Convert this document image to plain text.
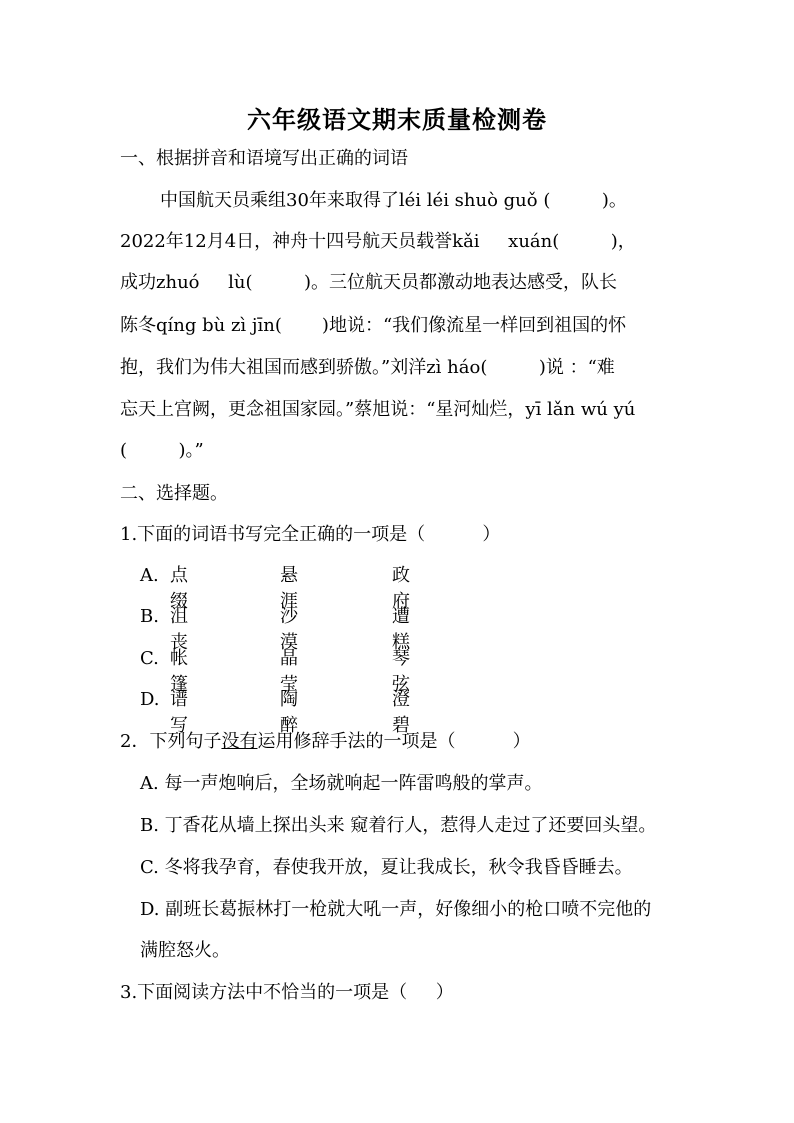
六年级语文期末质量检测卷
一、根据拼音和语境写出正确的词语
中国航天员乘组30年来取得了léi léi shuò guǒ (         )。
2022年12月4日，神舟十四号航天员载誉kǎi     xuán(         )，
成功zhuó     lù(         )。三位航天员都激动地表达感受，队长
陈冬qíng bù zì jīn(       )地说：“我们像流星一样回到祖国的怀
抱，我们为伟大祖国而感到骄傲。”刘洋zì háo(         )说 ：“难
忘天上宫阙，更念祖国家园。”蔡旭说：“星河灿烂，yī lǎn wú yú
(         )。”
二、选择题。
1.下面的词语书写完全正确的一项是（          ）
A. 点缀
悬涯
政府
B. 沮丧
沙漠
遭糕
C. 帐篷
晶莹
琴弦
D. 谱写
陶醉
澄碧
2．下列句子没有运用修辞手法的一项是（          ）
A. 每一声炮响后，全场就响起一阵雷鸣般的掌声。
B. 丁香花从墙上探出头来 窥着行人，惹得人走过了还要回头望。
C. 冬将我孕育，春使我开放，夏让我成长，秋令我昏昏睡去。
D. 副班长葛振林打一枪就大吼一声，好像细小的枪口喷不完他的
满腔怒火。
3.下面阅读方法中不恰当的一项是（     ）
